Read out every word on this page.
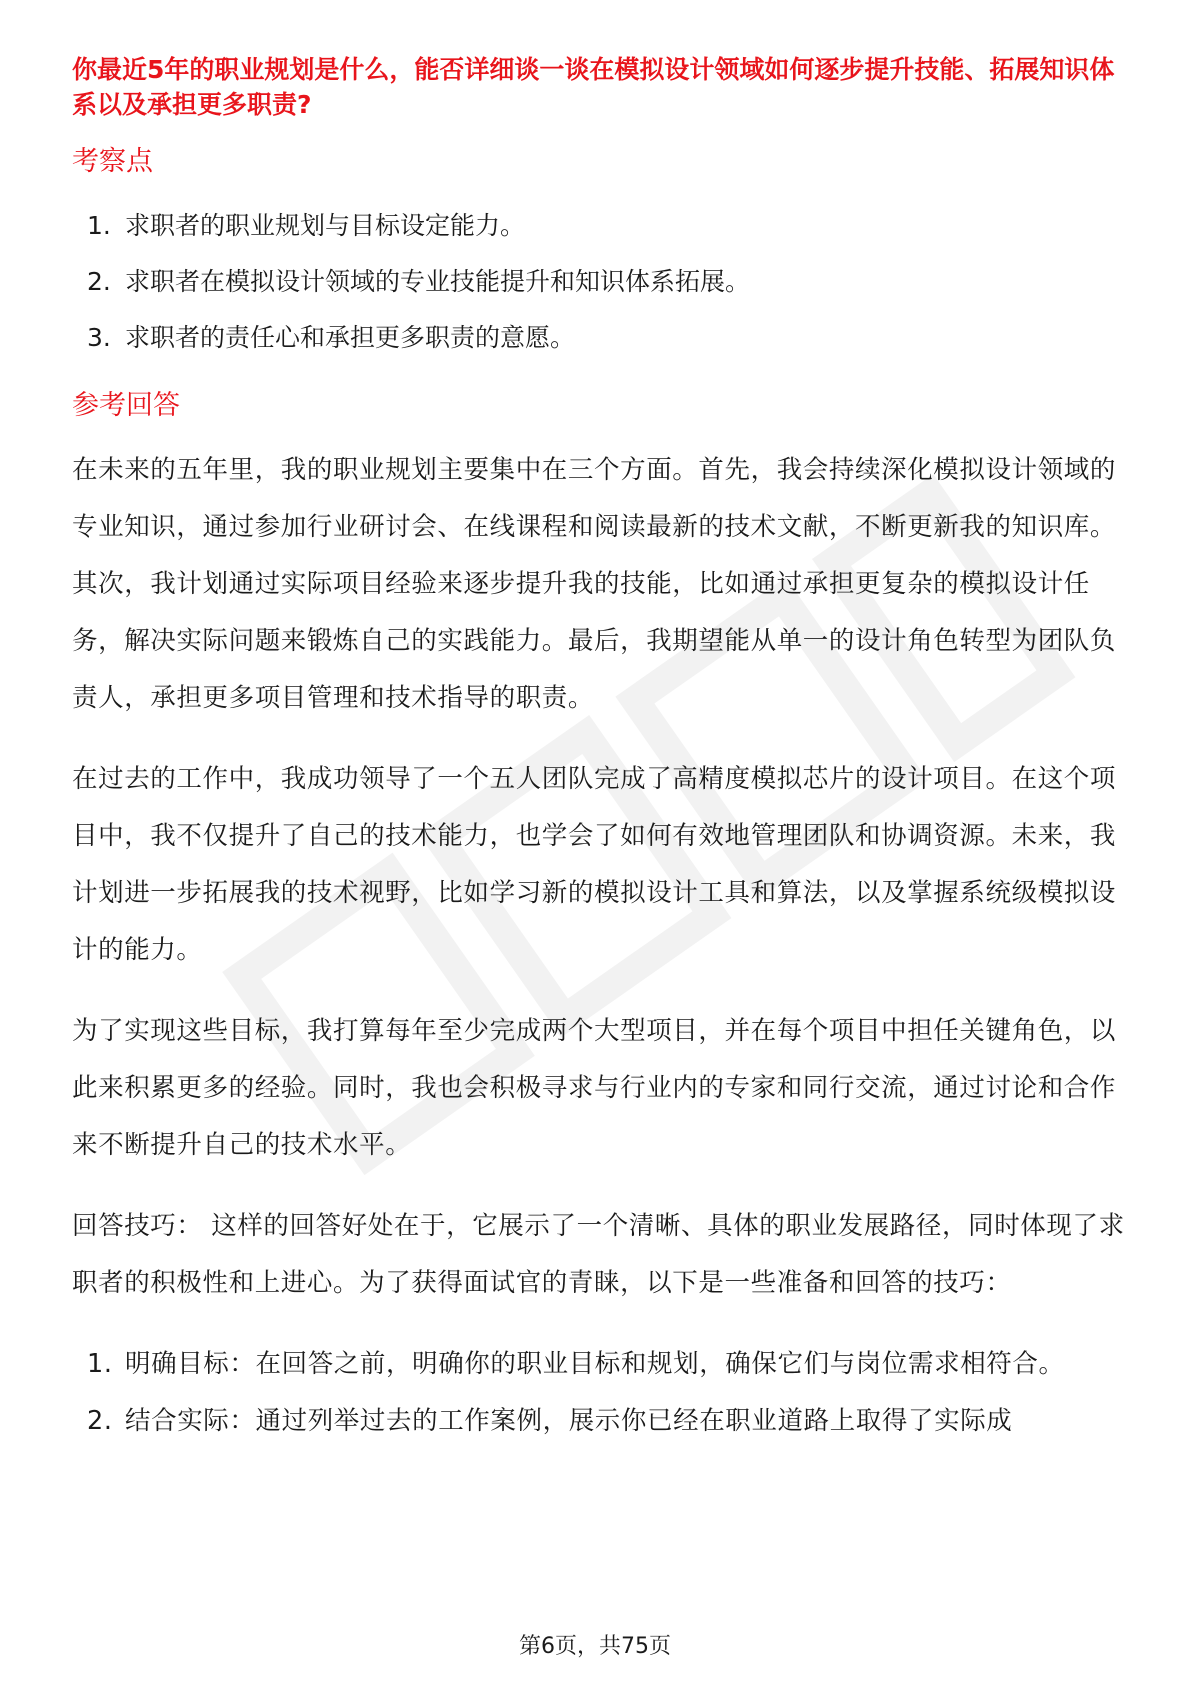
你最近5年的职业规划是什么，能否详细谈一谈在模拟设计领域如何逐步提升技能、拓展知识体系以及承担更多职责?
考察点
1. 求职者的职业规划与目标设定能力。
2. 求职者在模拟设计领域的专业技能提升和知识体系拓展。
3. 求职者的责任心和承担更多职责的意愿。
参考回答

在未来的五年里，我的职业规划主要集中在三个方面。首先，我会持续深化模拟设计领域的专业知识，通过参加行业研讨会、在线课程和阅读最新的技术文献，不断更新我的知识库。其次，我计划通过实际项目经验来逐步提升我的技能，比如通过承担更复杂的模拟设计任务，解决实际问题来锻炼自己的实践能力。最后，我期望能从单一的设计角色转型为团队负责人，承担更多项目管理和技术指导的职责。

在过去的工作中，我成功领导了一个五人团队完成了高精度模拟芯片的设计项目。在这个项目中，我不仅提升了自己的技术能力，也学会了如何有效地管理团队和协调资源。未来，我计划进一步拓展我的技术视野，比如学习新的模拟设计工具和算法，以及掌握系统级模拟设计的能力。

为了实现这些目标，我打算每年至少完成两个大型项目，并在每个项目中担任关键角色，以此来积累更多的经验。同时，我也会积极寻求与行业内的专家和同行交流，通过讨论和合作来不断提升自己的技术水平。

回答技巧： 这样的回答好处在于，它展示了一个清晰、具体的职业发展路径，同时体现了求职者的积极性和上进心。为了获得面试官的青睐，以下是一些准备和回答的技巧：

1. 明确目标：在回答之前，明确你的职业目标和规划，确保它们与岗位需求相符合。
2. 结合实际：通过列举过去的工作案例，展示你已经在职业道路上取得了实际成
第6页，共75页
